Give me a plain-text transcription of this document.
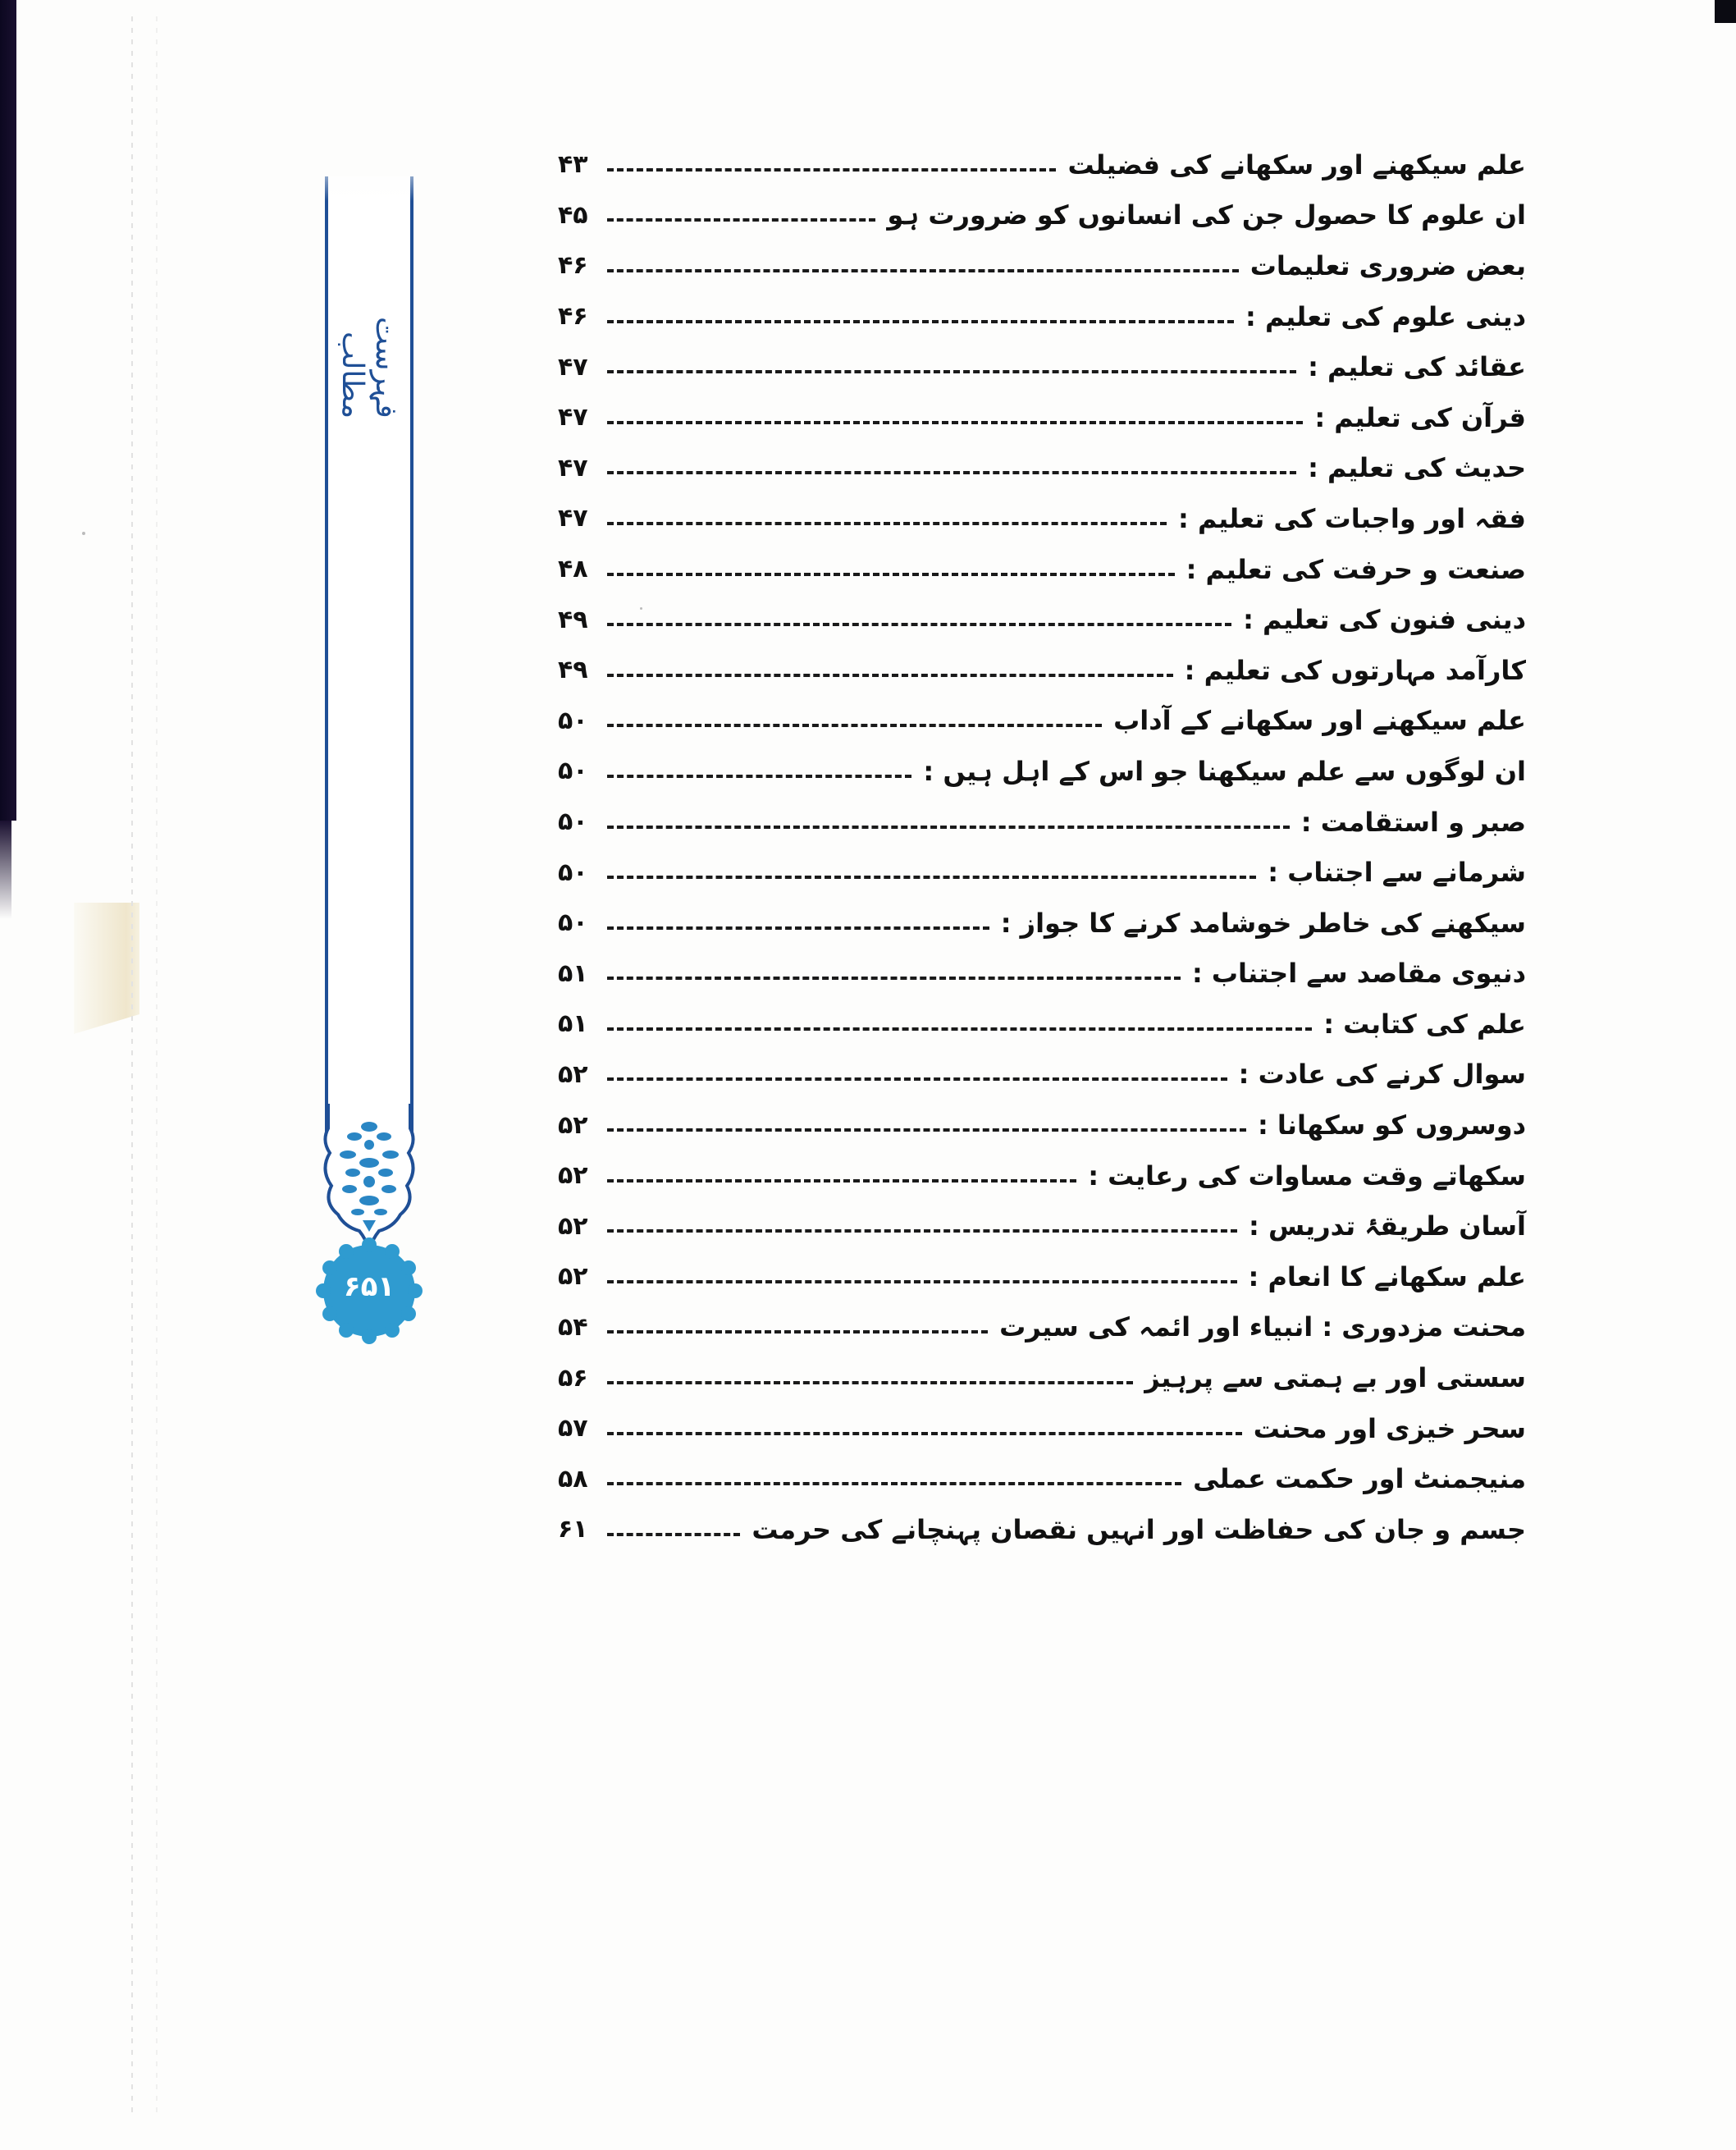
فہرست مطالب
۶۵۱
علم سیکھنے اور سکھانے کی فضیلت
۴۳
ان علوم کا حصول جن کی انسانوں کو ضرورت ہو
۴۵
بعض ضروری تعلیمات
۴۶
دینی علوم کی تعلیم :
۴۶
عقائد کی تعلیم :
۴۷
قرآن کی تعلیم :
۴۷
حدیث کی تعلیم :
۴۷
فقہ اور واجبات کی تعلیم :
۴۷
صنعت و حرفت کی تعلیم :
۴۸
دینی فنون کی تعلیم :
۴۹
کارآمد مہارتوں کی تعلیم :
۴۹
علم سیکھنے اور سکھانے کے آداب
۵۰
ان لوگوں سے علم سیکھنا جو اس کے اہل ہیں :
۵۰
صبر و استقامت :
۵۰
شرمانے سے اجتناب :
۵۰
سیکھنے کی خاطر خوشامد کرنے کا جواز :
۵۰
دنیوی مقاصد سے اجتناب :
۵۱
علم کی کتابت :
۵۱
سوال کرنے کی عادت :
۵۲
دوسروں کو سکھانا :
۵۲
سکھاتے وقت مساوات کی رعایت :
۵۲
آسان طریقۂ تدریس :
۵۲
علم سکھانے کا انعام :
۵۲
محنت مزدوری : انبیاء اور ائمہ کی سیرت
۵۴
سستی اور بے ہمتی سے پرہیز
۵۶
سحر خیزی اور محنت
۵۷
منیجمنٹ اور حکمت عملی
۵۸
جسم و جان کی حفاظت اور انہیں نقصان پہنچانے کی حرمت
۶۱
